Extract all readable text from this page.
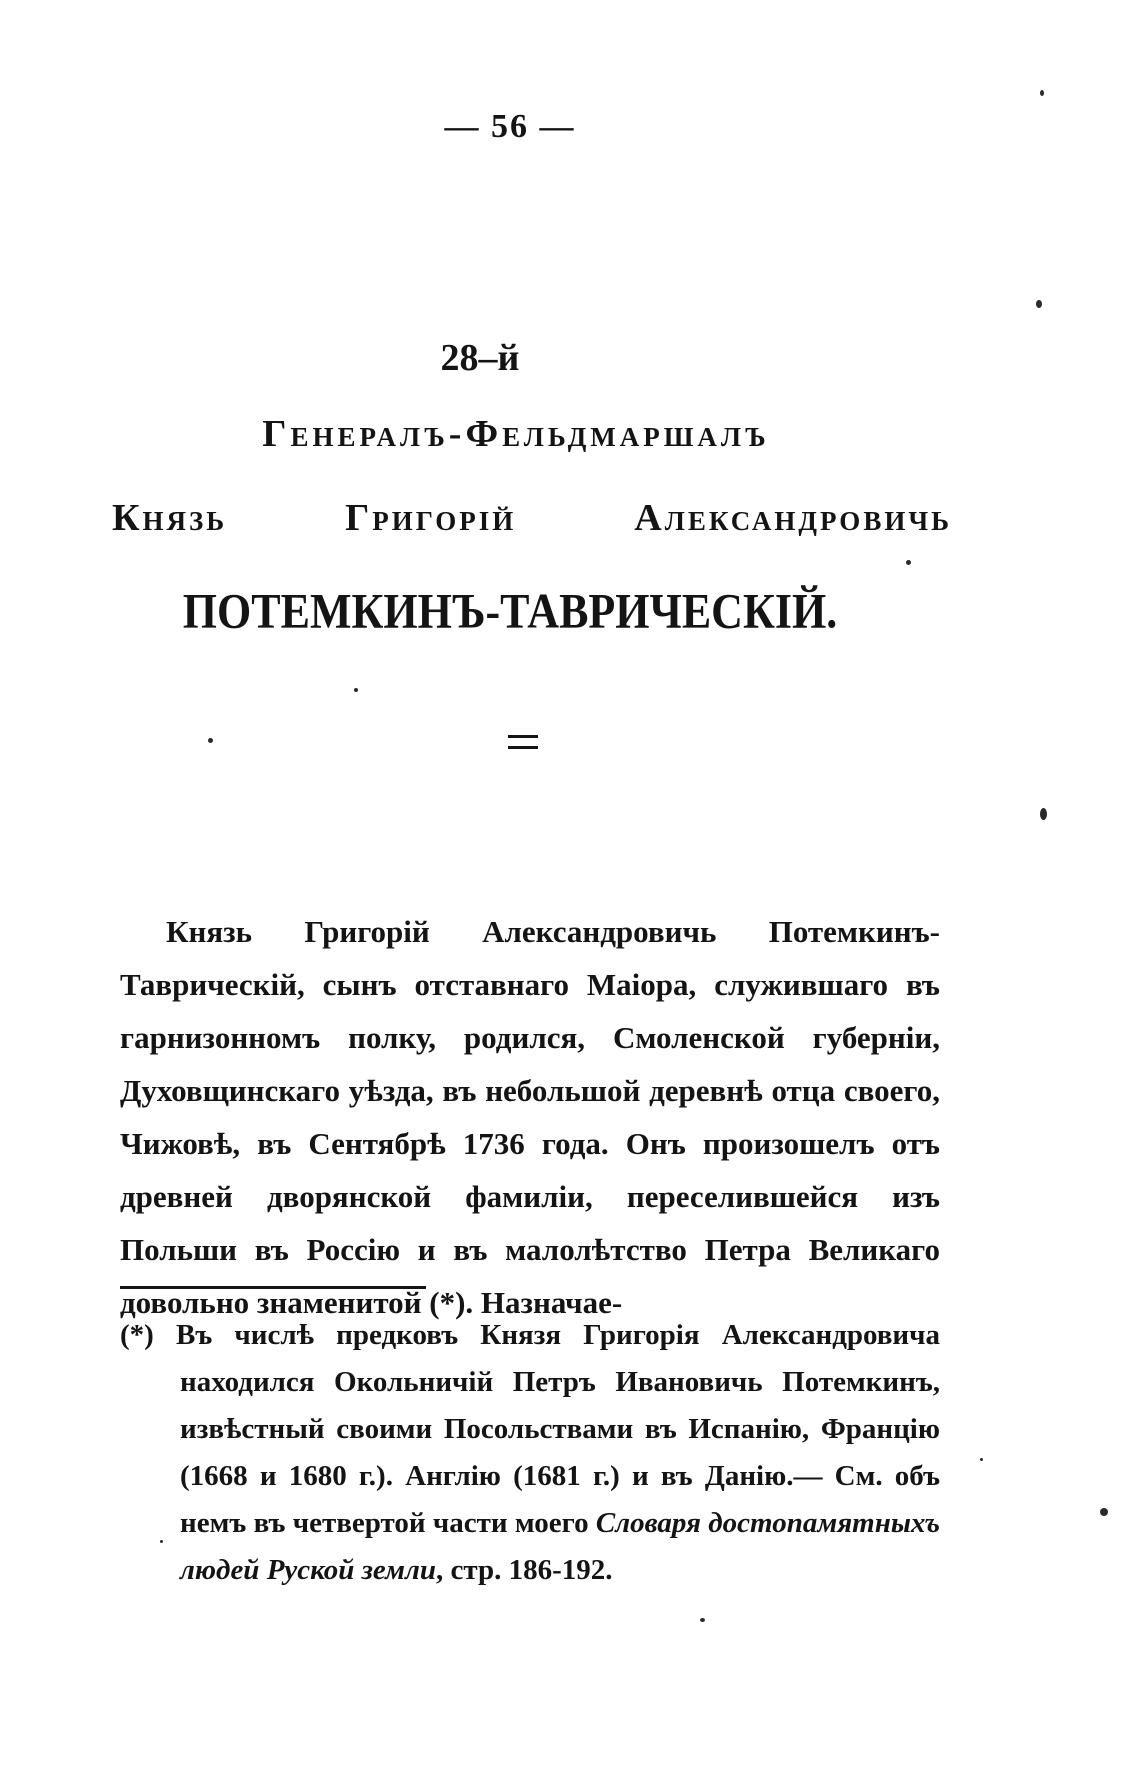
— 56 —
28–й
Генералъ-Фельдмаршалъ
Князь Григорій Александровичь
ПОТЕМКИНЪ-ТАВРИЧЕСКІЙ.

Князь Григорій Александровичь Потемкинъ-Таврическій, сынъ отставнаго Маіора, служившаго въ гарнизонномъ полку, родился, Смоленской губерніи, Духовщинскаго уѣзда, въ небольшой деревнѣ отца своего, Чижовѣ, въ Сентябрѣ 1736 года. Онъ произошелъ отъ древней дворянской фамиліи, переселившейся изъ Польши въ Россію и въ малолѣтство Петра Великаго довольно знаменитой (*). Назначае-

(*) Въ числѣ предковъ Князя Григорія Александровича находился Окольничій Петръ Ивановичь Потемкинъ, извѣстный своими Посольствами въ Испанію, Францію (1668 и 1680 г.). Англію (1681 г.) и въ Данію.— См. объ немъ въ четвертой части моего Словаря достопамятныхъ людей Руской земли, стр. 186-192.
